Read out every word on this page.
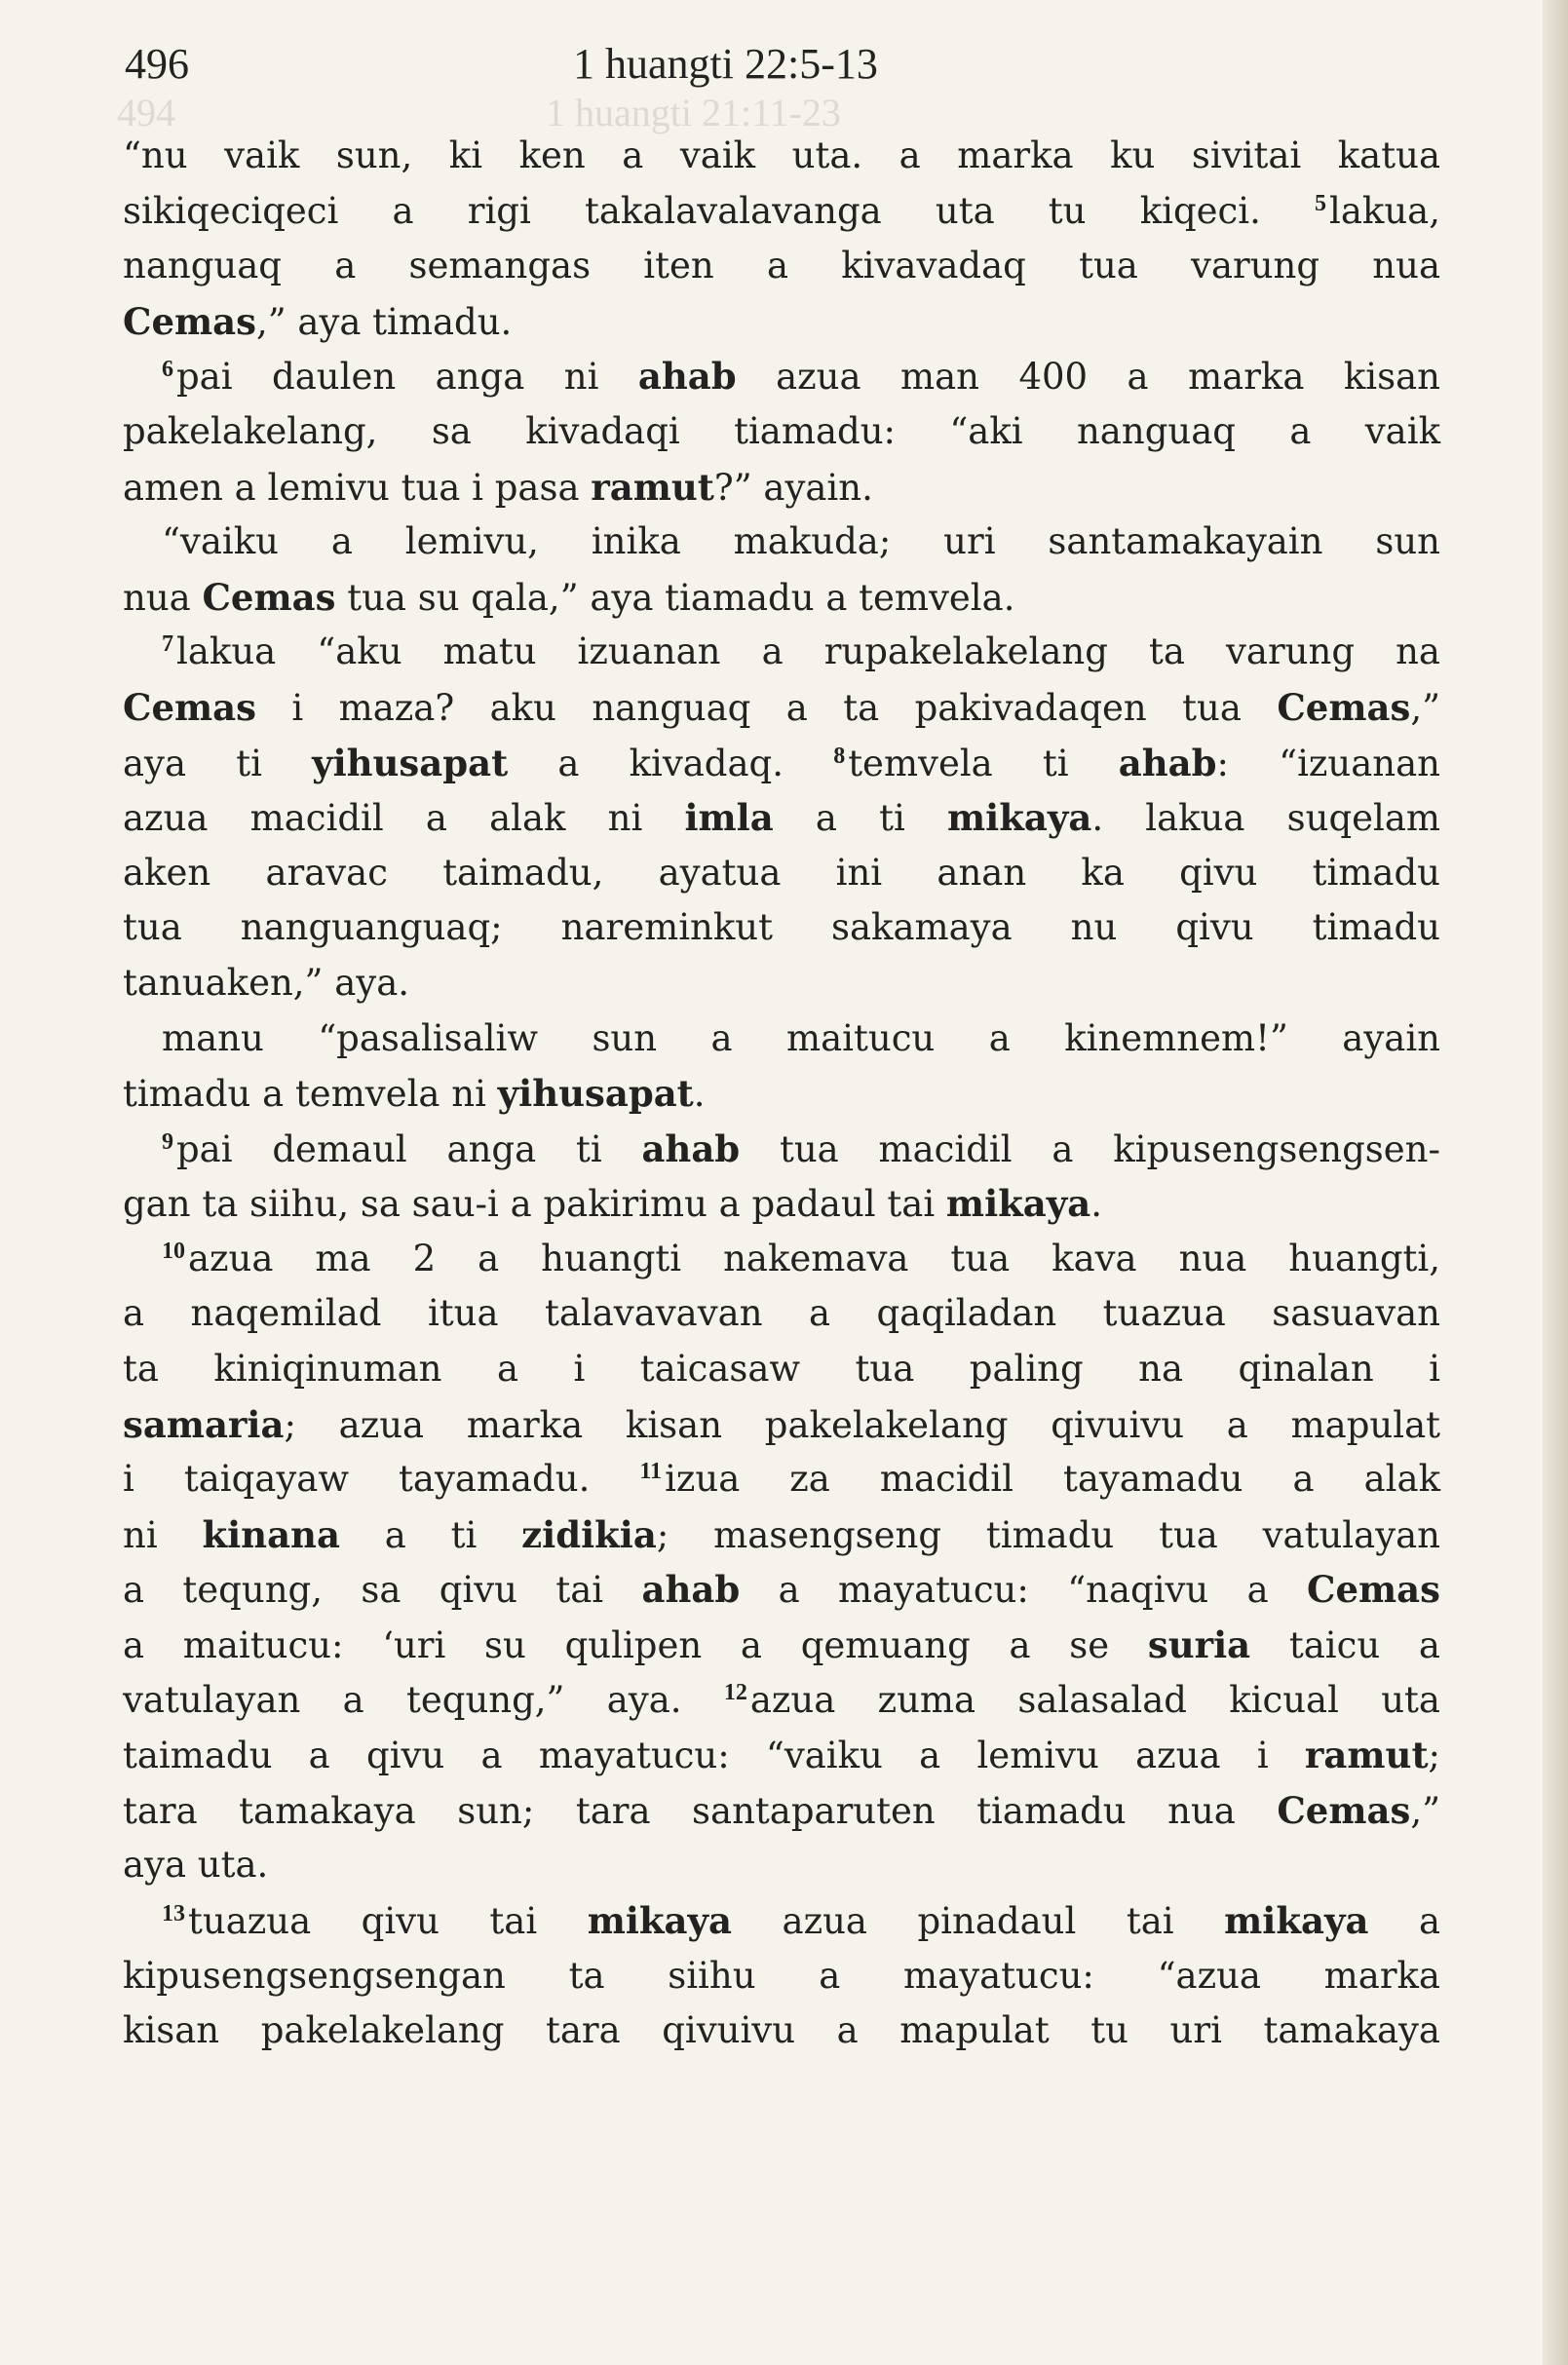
494	1 huangti 21:11-23
496	1 huangti 22:5-13
“nu vaik sun, ki ken a vaik uta. a marka ku sivitai katua
sikiqeciqeci a rigi takalavalavanga uta tu kiqeci. $^5$lakua,
nanguaq a semangas iten a kivavadaq tua varung nua
Cemas,” aya timadu.
$^6$pai daulen anga ni ahab azua man 400 a marka kisan
pakelakelang, sa kivadaqi tiamadu: “aki nanguaq a vaik
amen a lemivu tua i pasa ramut?” ayain.
“vaiku a lemivu, inika makuda; uri santamakayain sun
nua Cemas tua su qala,” aya tiamadu a temvela.
$^7$lakua “aku matu izuanan a rupakelakelang ta varung na
Cemas i maza? aku nanguaq a ta pakivadaqen tua Cemas,”
aya ti yihusapat a kivadaq. $^8$temvela ti ahab: “izuanan
azua macidil a alak ni imla a ti mikaya. lakua suqelam
aken aravac taimadu, ayatua ini anan ka qivu timadu
tua nanguanguaq; nareminkut sakamaya nu qivu timadu
tanuaken,” aya.
manu “pasalisaliw sun a maitucu a kinemnem!” ayain
timadu a temvela ni yihusapat.
$^9$pai demaul anga ti ahab tua macidil a kipusengsengsen-
gan ta siihu, sa sau-i a pakirimu a padaul tai mikaya.
$^{10}$azua ma 2 a huangti nakemava tua kava nua huangti,
a naqemilad itua talavavavan a qaqiladan tuazua sasuavan
ta kiniqinuman a i taicasaw tua paling na qinalan i
samaria; azua marka kisan pakelakelang qivuivu a mapulat
i taiqayaw tayamadu. $^{11}$izua za macidil tayamadu a alak
ni kinana a ti zidikia; masengseng timadu tua vatulayan
a tequng, sa qivu tai ahab a mayatucu: “naqivu a Cemas
a maitucu: ‘uri su qulipen a qemuang a se suria taicu a
vatulayan a tequng,” aya. $^{12}$azua zuma salasalad kicual uta
taimadu a qivu a mayatucu: “vaiku a lemivu azua i ramut;
tara tamakaya sun; tara santaparuten tiamadu nua Cemas,”
aya uta.
$^{13}$tuazua qivu tai mikaya azua pinadaul tai mikaya a
kipusengsengsengan ta siihu a mayatucu: “azua marka
kisan pakelakelang tara qivuivu a mapulat tu uri tamakaya
